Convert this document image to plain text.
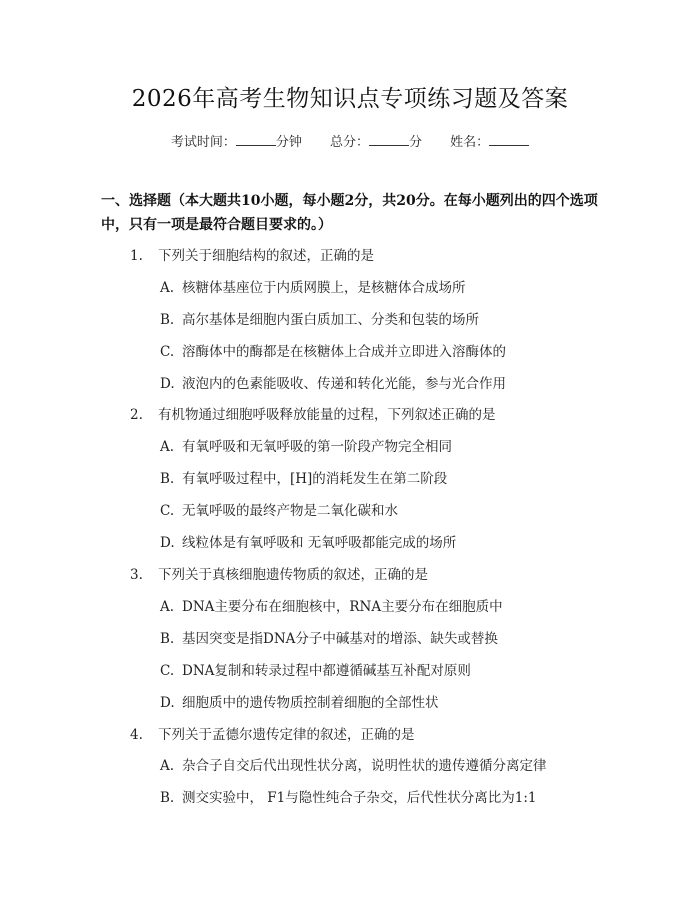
2026年高考生物知识点专项练习题及答案
考试时间：	分钟 总分：	分 姓名：
一、选择题（本大题共10小题，每小题2分，共20分。在每小题列出的四个选项中，只有一项是最符合题目要求的。）
1. 下列关于细胞结构的叙述，正确的是
A. 核糖体基座位于内质网膜上，是核糖体合成场所
B. 高尔基体是细胞内蛋白质加工、分类和包装的场所
C. 溶酶体中的酶都是在核糖体上合成并立即进入溶酶体的
D. 液泡内的色素能吸收、传递和转化光能，参与光合作用
2. 有机物通过细胞呼吸释放能量的过程，下列叙述正确的是
A. 有氧呼吸和无氧呼吸的第一阶段产物完全相同
B. 有氧呼吸过程中，[H]的消耗发生在第二阶段
C. 无氧呼吸的最终产物是二氧化碳和水
D. 线粒体是有氧呼吸和 无氧呼吸都能完成的场所
3. 下列关于真核细胞遗传物质的叙述，正确的是
A. DNA主要分布在细胞核中，RNA主要分布在细胞质中
B. 基因突变是指DNA分子中碱基对的增添、缺失或替换
C. DNA复制和转录过程中都遵循碱基互补配对原则
D. 细胞质中的遗传物质控制着细胞的全部性状
4. 下列关于孟德尔遗传定律的叙述，正确的是
A. 杂合子自交后代出现性状分离，说明性状的遗传遵循分离定律
B. 测交实验中， F1与隐性纯合子杂交，后代性状分离比为1:1
